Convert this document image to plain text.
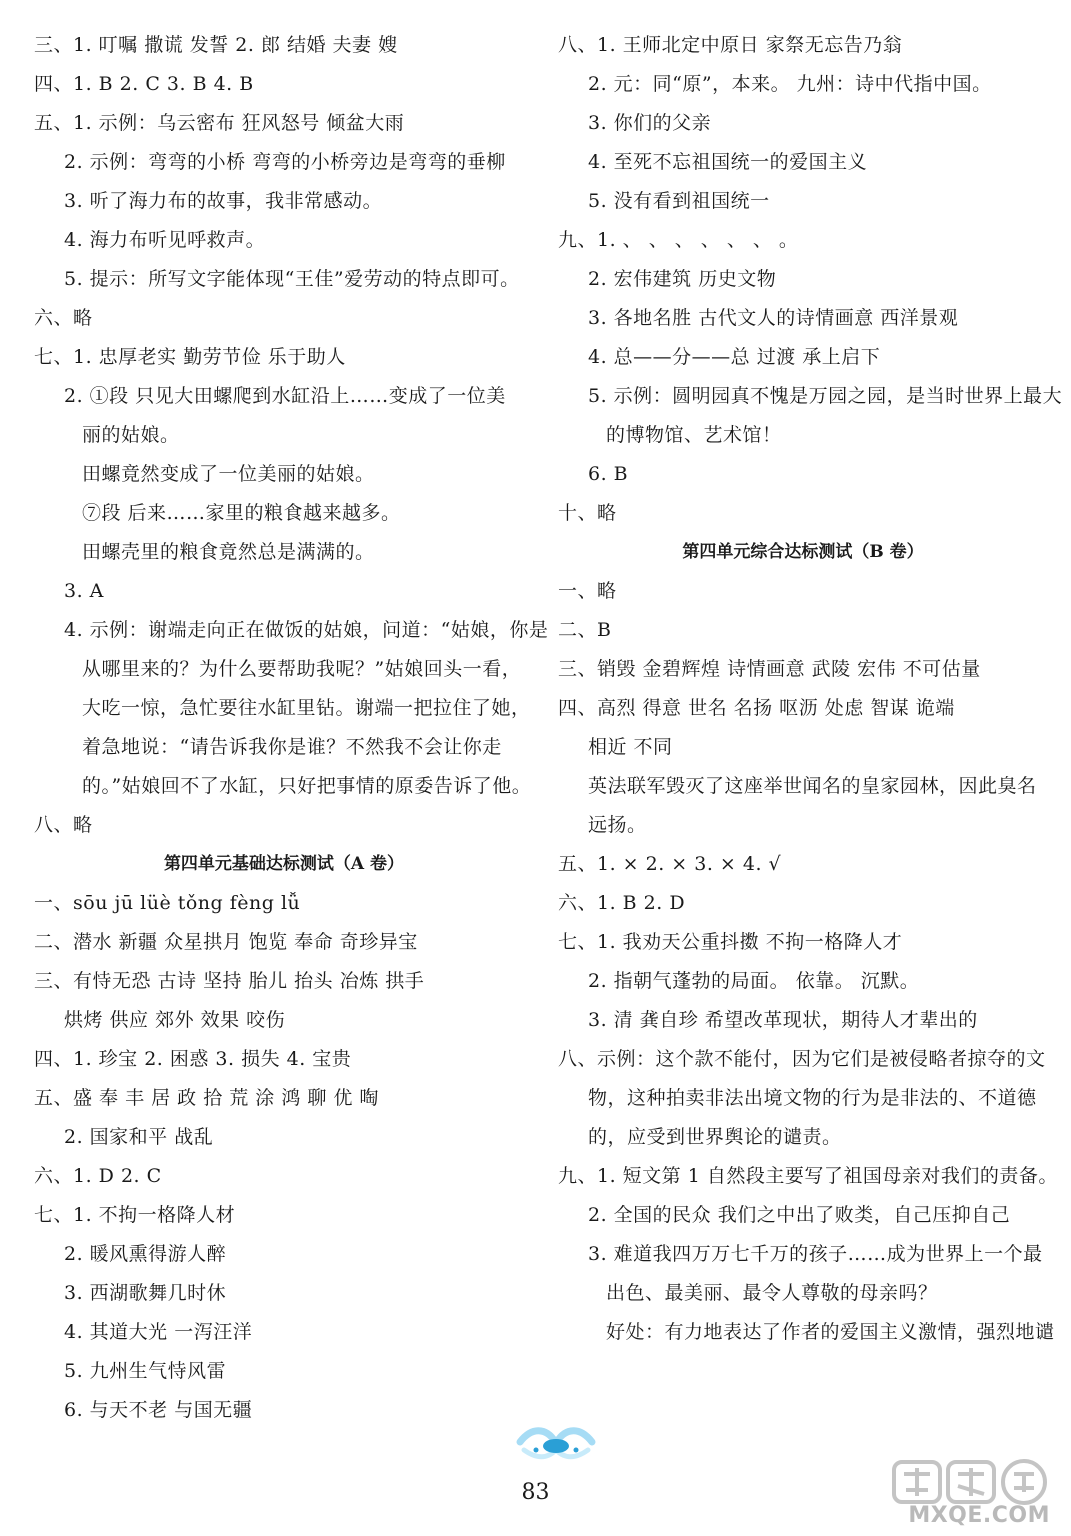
三、1. 叮嘱 撒谎 发誓 2. 郎 结婚 夫妻 嫂
四、1. B 2. C 3. B 4. B
五、1. 示例：乌云密布 狂风怒号 倾盆大雨
2. 示例：弯弯的小桥 弯弯的小桥旁边是弯弯的垂柳
3. 听了海力布的故事，我非常感动。
4. 海力布听见呼救声。
5. 提示：所写文字能体现“王佳”爱劳动的特点即可。
六、略
七、1. 忠厚老实 勤劳节俭 乐于助人
2. ①段 只见大田螺爬到水缸沿上……变成了一位美
丽的姑娘。
田螺竟然变成了一位美丽的姑娘。
⑦段 后来……家里的粮食越来越多。
田螺壳里的粮食竟然总是满满的。
3. A
4. 示例：谢端走向正在做饭的姑娘，问道：“姑娘，你是
从哪里来的？为什么要帮助我呢？”姑娘回头一看，
大吃一惊，急忙要往水缸里钻。谢端一把拉住了她，
着急地说：“请告诉我你是谁？不然我不会让你走
的。”姑娘回不了水缸，只好把事情的原委告诉了他。
八、略
第四单元基础达标测试（A 卷）
一、sōu jū lüè tǒng fèng lǚ
二、潜水 新疆 众星拱月 饱览 奉命 奇珍异宝
三、有恃无恐 古诗 坚持 胎儿 抬头 冶炼 拱手
烘烤 供应 郊外 效果 咬伤
四、1. 珍宝 2. 困惑 3. 损失 4. 宝贵
五、盛 奉 丰 居 政 拾 荒 涂 鸿 聊 优 啕
2. 国家和平 战乱
六、1. D 2. C
七、1. 不拘一格降人材
2. 暖风熏得游人醉
3. 西湖歌舞几时休
4. 其道大光 一泻汪洋
5. 九州生气恃风雷
6. 与天不老 与国无疆
八、1. 王师北定中原日 家祭无忘告乃翁
2. 元：同“原”，本来。 九州：诗中代指中国。
3. 你们的父亲
4. 至死不忘祖国统一的爱国主义
5. 没有看到祖国统一
九、1. 、 、 、 、 、 、 。
2. 宏伟建筑 历史文物
3. 各地名胜 古代文人的诗情画意 西洋景观
4. 总——分——总 过渡 承上启下
5. 示例：圆明园真不愧是万园之园，是当时世界上最大
的博物馆、艺术馆！
6. B
十、略
第四单元综合达标测试（B 卷）
一、略
二、B
三、销毁 金碧辉煌 诗情画意 武陵 宏伟 不可估量
四、高烈 得意 世名 名扬 呕沥 处虑 智谋 诡端
相近 不同
英法联军毁灭了这座举世闻名的皇家园林，因此臭名
远扬。
五、1. × 2. × 3. × 4. √
六、1. B 2. D
七、1. 我劝天公重抖擞 不拘一格降人才
2. 指朝气蓬勃的局面。 依靠。 沉默。
3. 清 龚自珍 希望改革现状，期待人才辈出的
八、示例：这个款不能付，因为它们是被侵略者掠夺的文
物，这种拍卖非法出境文物的行为是非法的、不道德
的，应受到世界舆论的谴责。
九、1. 短文第 1 自然段主要写了祖国母亲对我们的责备。
2. 全国的民众 我们之中出了败类，自己压抑自己
3. 难道我四万万七千万的孩子……成为世界上一个最
出色、最美丽、最令人尊敬的母亲吗？
好处：有力地表达了作者的爱国主义激情，强烈地谴
83
MXQE.COM
